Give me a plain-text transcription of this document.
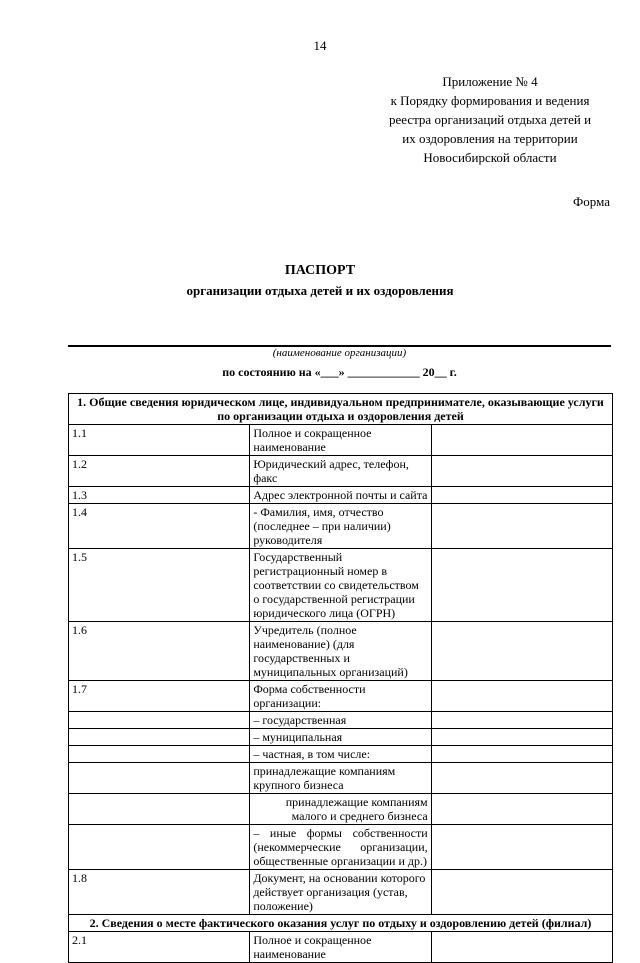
14
Приложение № 4
к Порядку формирования и ведения
реестра организаций отдыха детей и
их оздоровления на территории
Новосибирской области
Форма
ПАСПОРТ
организации отдыха детей и их оздоровления
(наименование организации)
по состоянию на «___» ____________ 20__ г.
1. Общие сведения юридическом лице, индивидуальном предпринимателе, оказывающие услуги по организации отдыха и оздоровления детей		
1.1	Полное и сокращенное наименование	
1.2	Юридический адрес, телефон, факс	
1.3	Адрес электронной почты и сайта	
1.4	- Фамилия, имя, отчество (последнее – при наличии) руководителя	
1.5	Государственный регистрационный номер в соответствии со свидетельством о государственной регистрации юридического лица (ОГРН)	
1.6	Учредитель (полное наименование) (для государственных и муниципальных организаций)	
1.7	Форма собственности организации:	
	– государственная	
	– муниципальная	
	– частная, в том числе:	
	принадлежащие компаниям крупного бизнеса	
	принадлежащие компаниям малого и среднего бизнеса	
	– иные формы собственности (некоммерческие организации, общественные организации и др.)	
1.8	Документ, на основании которого действует организация (устав, положение)	
2. Сведения о месте фактического оказания услуг по отдыху и оздоровлению детей (филиал)		
2.1	Полное и сокращенное наименование	
